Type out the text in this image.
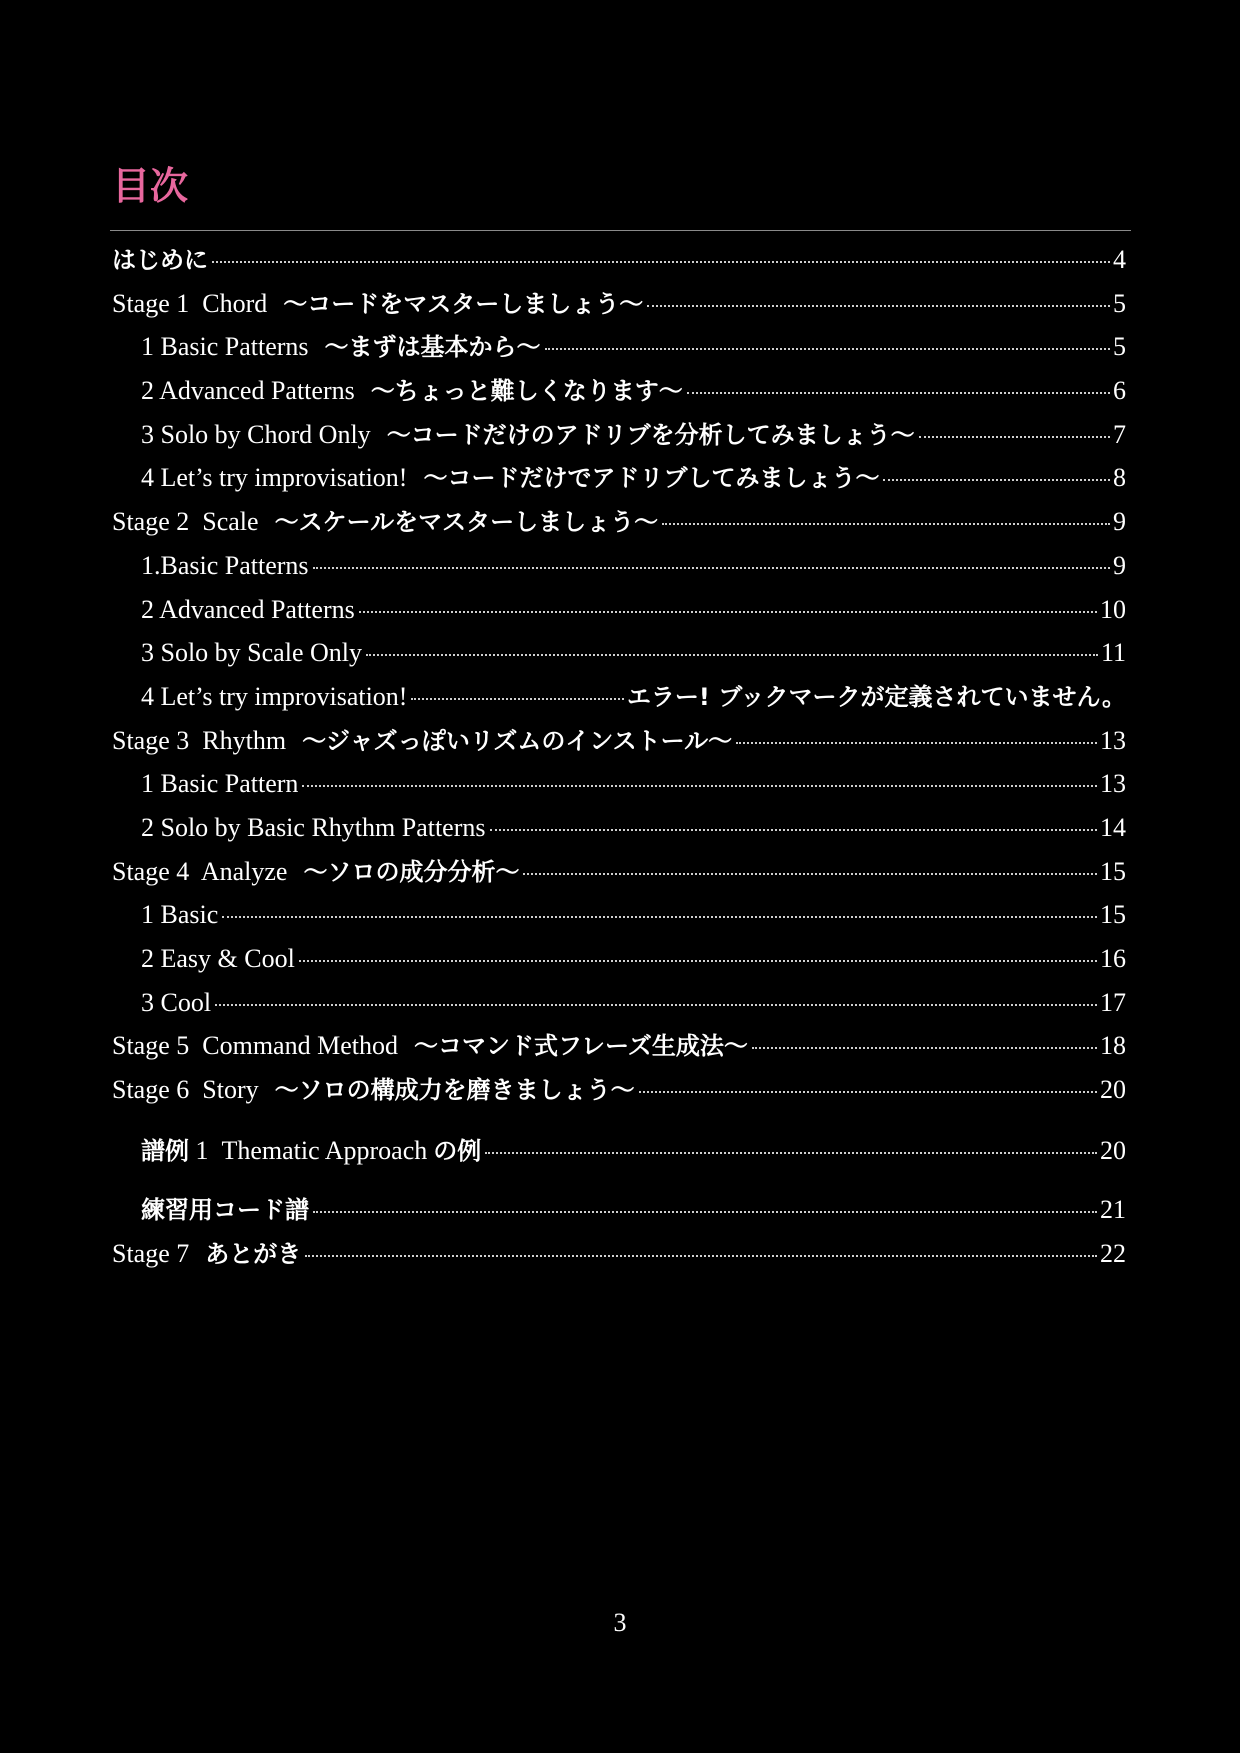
目次
はじめに	4
Stage 1  Chord 〜コードをマスターしましょう〜	5
1 Basic Patterns 〜まずは基本から〜	5
2 Advanced Patterns 〜ちょっと難しくなります〜	6
3 Solo by Chord Only 〜コードだけのアドリブを分析してみましょう〜	7
4 Let’s try improvisation! 〜コードだけでアドリブしてみましょう〜	8
Stage 2  Scale 〜スケールをマスターしましょう〜	9
1.Basic Patterns	9
2 Advanced Patterns	10
3 Solo by Scale Only	11
4 Let’s try improvisation!	エラー! ブックマークが定義されていません。
Stage 3  Rhythm 〜ジャズっぽいリズムのインストール〜	13
1 Basic Pattern	13
2 Solo by Basic Rhythm Patterns	14
Stage 4  Analyze 〜ソロの成分分析〜	15
1 Basic	15
2 Easy & Cool	16
3 Cool	17
Stage 5  Command Method 〜コマンド式フレーズ生成法〜	18
Stage 6  Story 〜ソロの構成力を磨きましょう〜	20
譜例 1  Thematic Approach の例	20
練習用コード譜	21
Stage 7 あとがき	22
3
